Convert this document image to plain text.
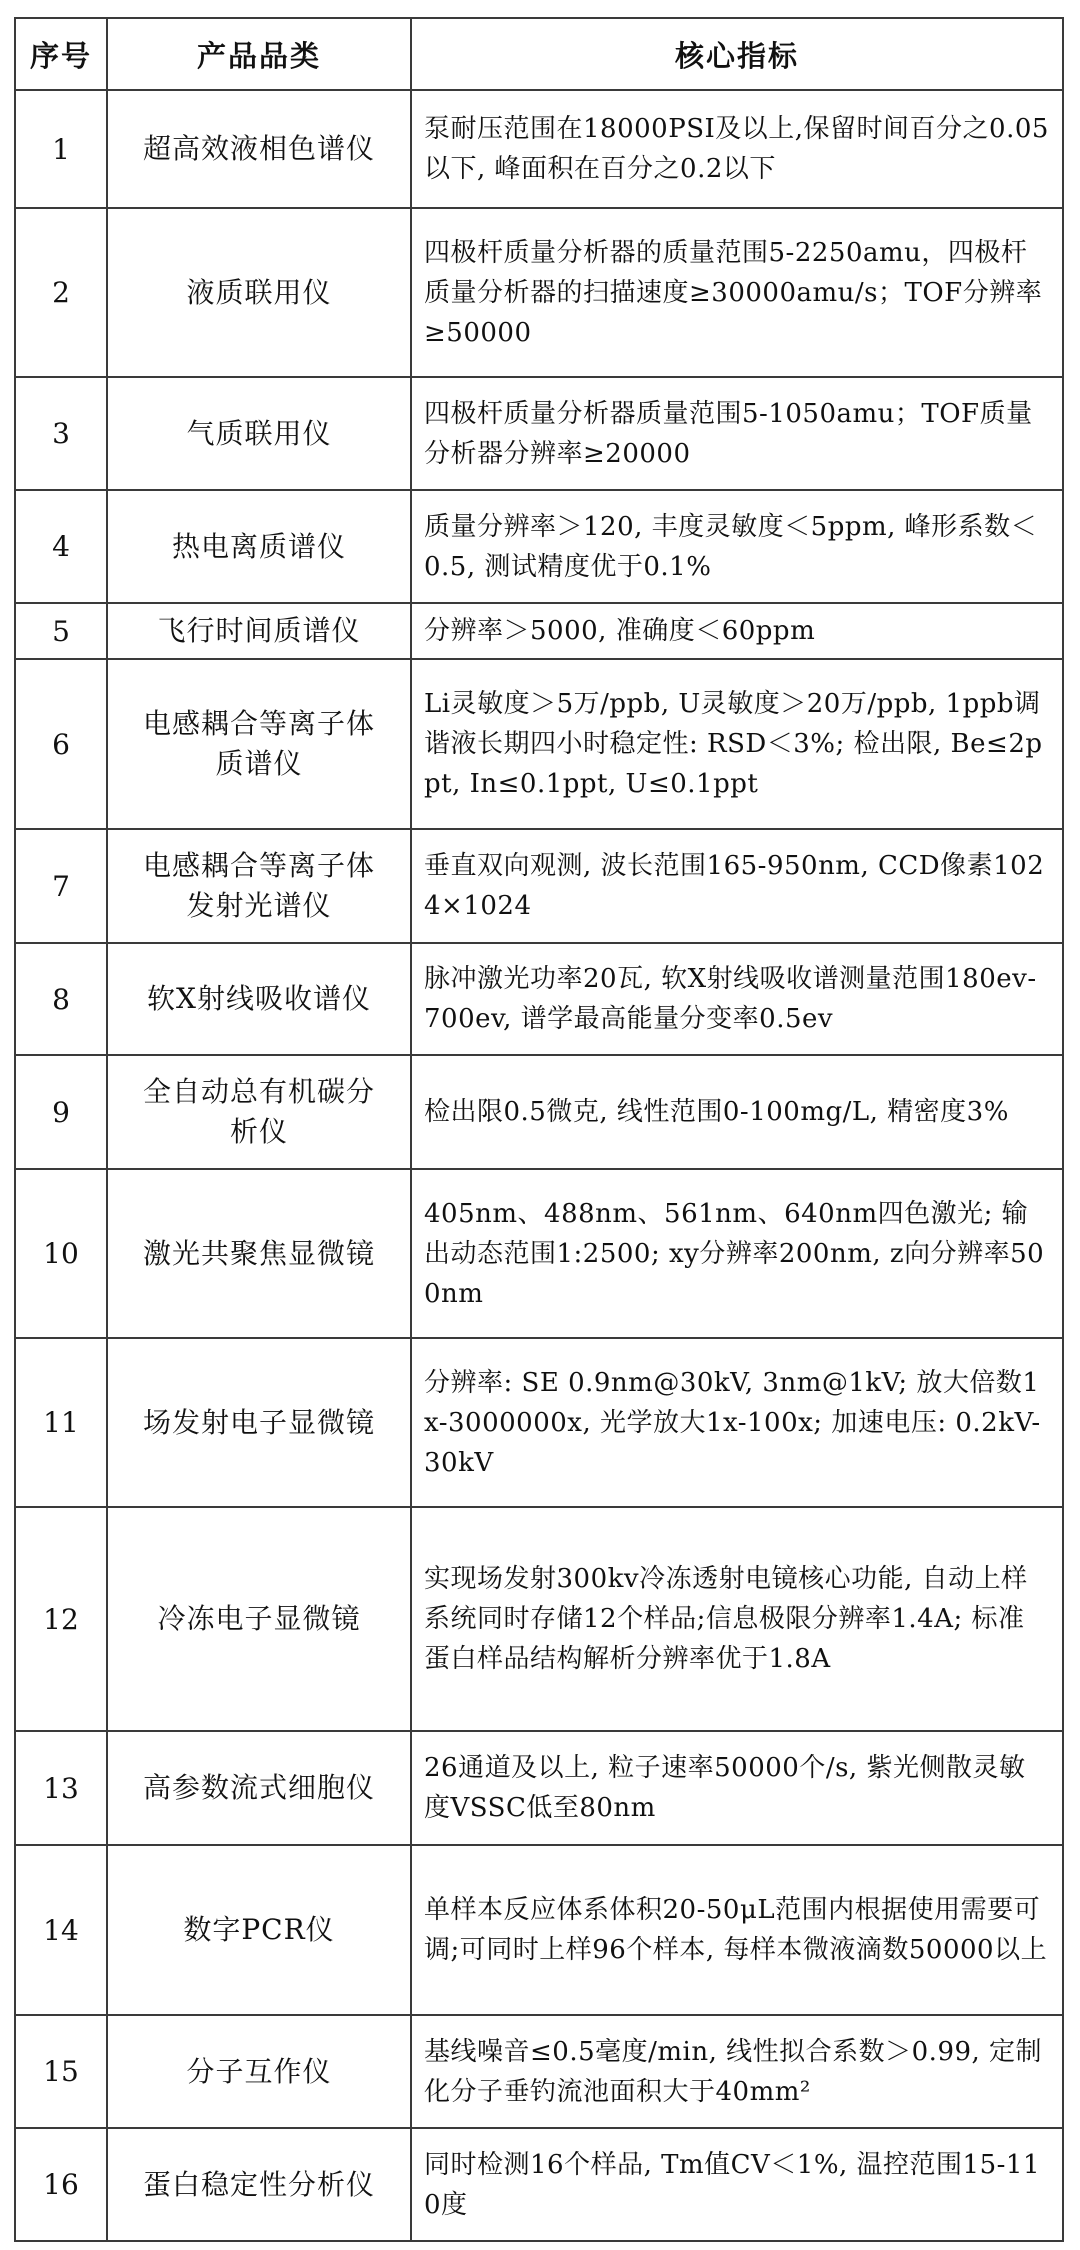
序号	产品品类	核心指标
1	超高效液相色谱仪	泵耐压范围在18000PSI及以上,保留时间百分之0.05以下, 峰面积在百分之0.2以下
2	液质联用仪	四极杆质量分析器的质量范围5-2250amu，四极杆质量分析器的扫描速度≥30000amu/s；TOF分辨率≥50000
3	气质联用仪	四极杆质量分析器质量范围5-1050amu；TOF质量分析器分辨率≥20000
4	热电离质谱仪	质量分辨率＞120, 丰度灵敏度＜5ppm, 峰形系数＜0.5, 测试精度优于0.1%
5	飞行时间质谱仪	分辨率＞5000, 准确度＜60ppm
6	电感耦合等离子体质谱仪	Li灵敏度＞5万/ppb, U灵敏度＞20万/ppb, 1ppb调谐液长期四小时稳定性: RSD＜3%; 检出限, Be≤2ppt, In≤0.1ppt, U≤0.1ppt
7	电感耦合等离子体发射光谱仪	垂直双向观测, 波长范围165-950nm, CCD像素1024×1024
8	软X射线吸收谱仪	脉冲激光功率20瓦, 软X射线吸收谱测量范围180ev-700ev, 谱学最高能量分变率0.5ev
9	全自动总有机碳分析仪	检出限0.5微克, 线性范围0-100mg/L, 精密度3%
10	激光共聚焦显微镜	405nm、488nm、561nm、640nm四色激光; 输出动态范围1:2500; xy分辨率200nm, z向分辨率500nm
11	场发射电子显微镜	分辨率: SE 0.9nm@30kV, 3nm@1kV; 放大倍数1x-3000000x, 光学放大1x-100x; 加速电压: 0.2kV-30kV
12	冷冻电子显微镜	实现场发射300kv冷冻透射电镜核心功能, 自动上样系统同时存储12个样品;信息极限分辨率1.4A; 标准蛋白样品结构解析分辨率优于1.8A
13	高参数流式细胞仪	26通道及以上, 粒子速率50000个/s, 紫光侧散灵敏度VSSC低至80nm
14	数字PCR仪	单样本反应体系体积20-50μL范围内根据使用需要可调;可同时上样96个样本, 每样本微液滴数50000以上
15	分子互作仪	基线噪音≤0.5毫度/min, 线性拟合系数＞0.99, 定制化分子垂钓流池面积大于40mm²
16	蛋白稳定性分析仪	同时检测16个样品, Tm值CV＜1%, 温控范围15-110度
